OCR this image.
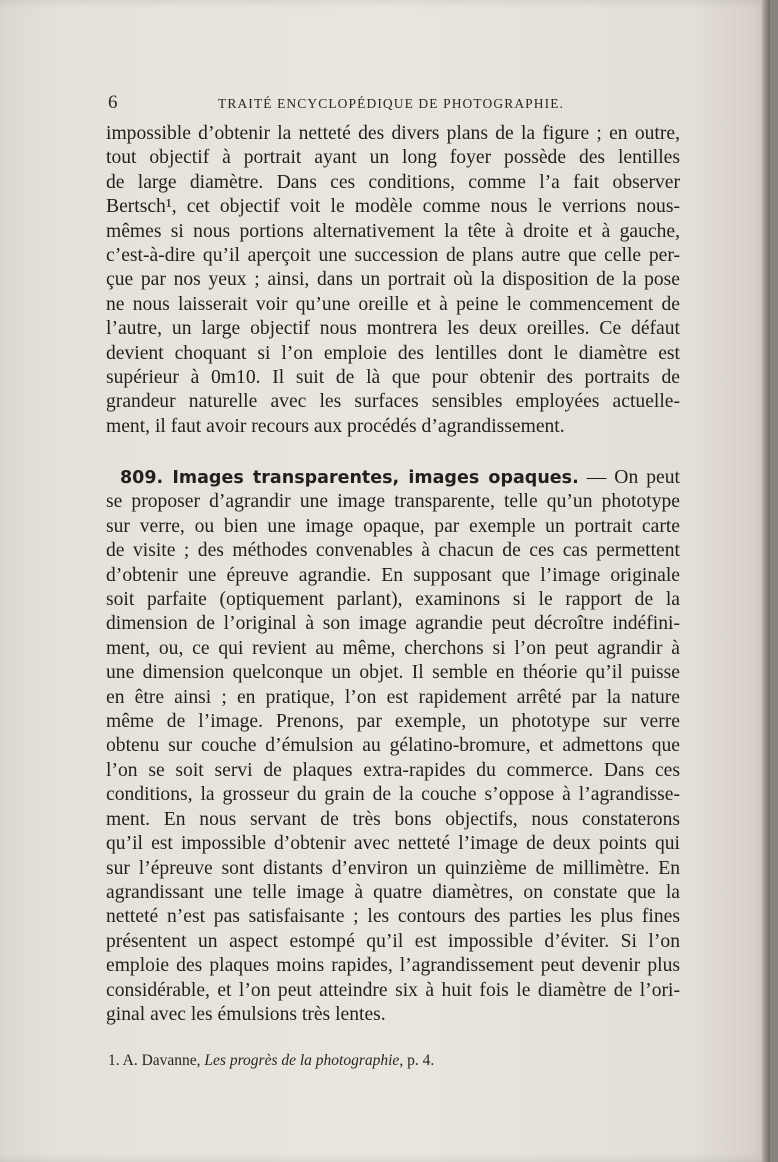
6	TRAITÉ ENCYCLOPÉDIQUE DE PHOTOGRAPHIE.
impossible d’obtenir la netteté des divers plans de la figure ; en outre,
tout objectif à portrait ayant un long foyer possède des lentilles
de large diamètre. Dans ces conditions, comme l’a fait observer
Bertsch¹, cet objectif voit le modèle comme nous le verrions nous-
mêmes si nous portions alternativement la tête à droite et à gauche,
c’est-à-dire qu’il aperçoit une succession de plans autre que celle per-
çue par nos yeux ; ainsi, dans un portrait où la disposition de la pose
ne nous laisserait voir qu’une oreille et à peine le commencement de
l’autre, un large objectif nous montrera les deux oreilles. Ce défaut
devient choquant si l’on emploie des lentilles dont le diamètre est
supérieur à 0m10. Il suit de là que pour obtenir des portraits de
grandeur naturelle avec les surfaces sensibles employées actuelle-
ment, il faut avoir recours aux procédés d’agrandissement.
809. Images transparentes, images opaques. — On peut
se proposer d’agrandir une image transparente, telle qu’un phototype
sur verre, ou bien une image opaque, par exemple un portrait carte
de visite ; des méthodes convenables à chacun de ces cas permettent
d’obtenir une épreuve agrandie. En supposant que l’image originale
soit parfaite (optiquement parlant), examinons si le rapport de la
dimension de l’original à son image agrandie peut décroître indéfini-
ment, ou, ce qui revient au même, cherchons si l’on peut agrandir à
une dimension quelconque un objet. Il semble en théorie qu’il puisse
en être ainsi ; en pratique, l’on est rapidement arrêté par la nature
même de l’image. Prenons, par exemple, un phototype sur verre
obtenu sur couche d’émulsion au gélatino-bromure, et admettons que
l’on se soit servi de plaques extra-rapides du commerce. Dans ces
conditions, la grosseur du grain de la couche s’oppose à l’agrandisse-
ment. En nous servant de très bons objectifs, nous constaterons
qu’il est impossible d’obtenir avec netteté l’image de deux points qui
sur l’épreuve sont distants d’environ un quinzième de millimètre. En
agrandissant une telle image à quatre diamètres, on constate que la
netteté n’est pas satisfaisante ; les contours des parties les plus fines
présentent un aspect estompé qu’il est impossible d’éviter. Si l’on
emploie des plaques moins rapides, l’agrandissement peut devenir plus
considérable, et l’on peut atteindre six à huit fois le diamètre de l’ori-
ginal avec les émulsions très lentes.
1. A. Davanne, Les progrès de la photographie, p. 4.
